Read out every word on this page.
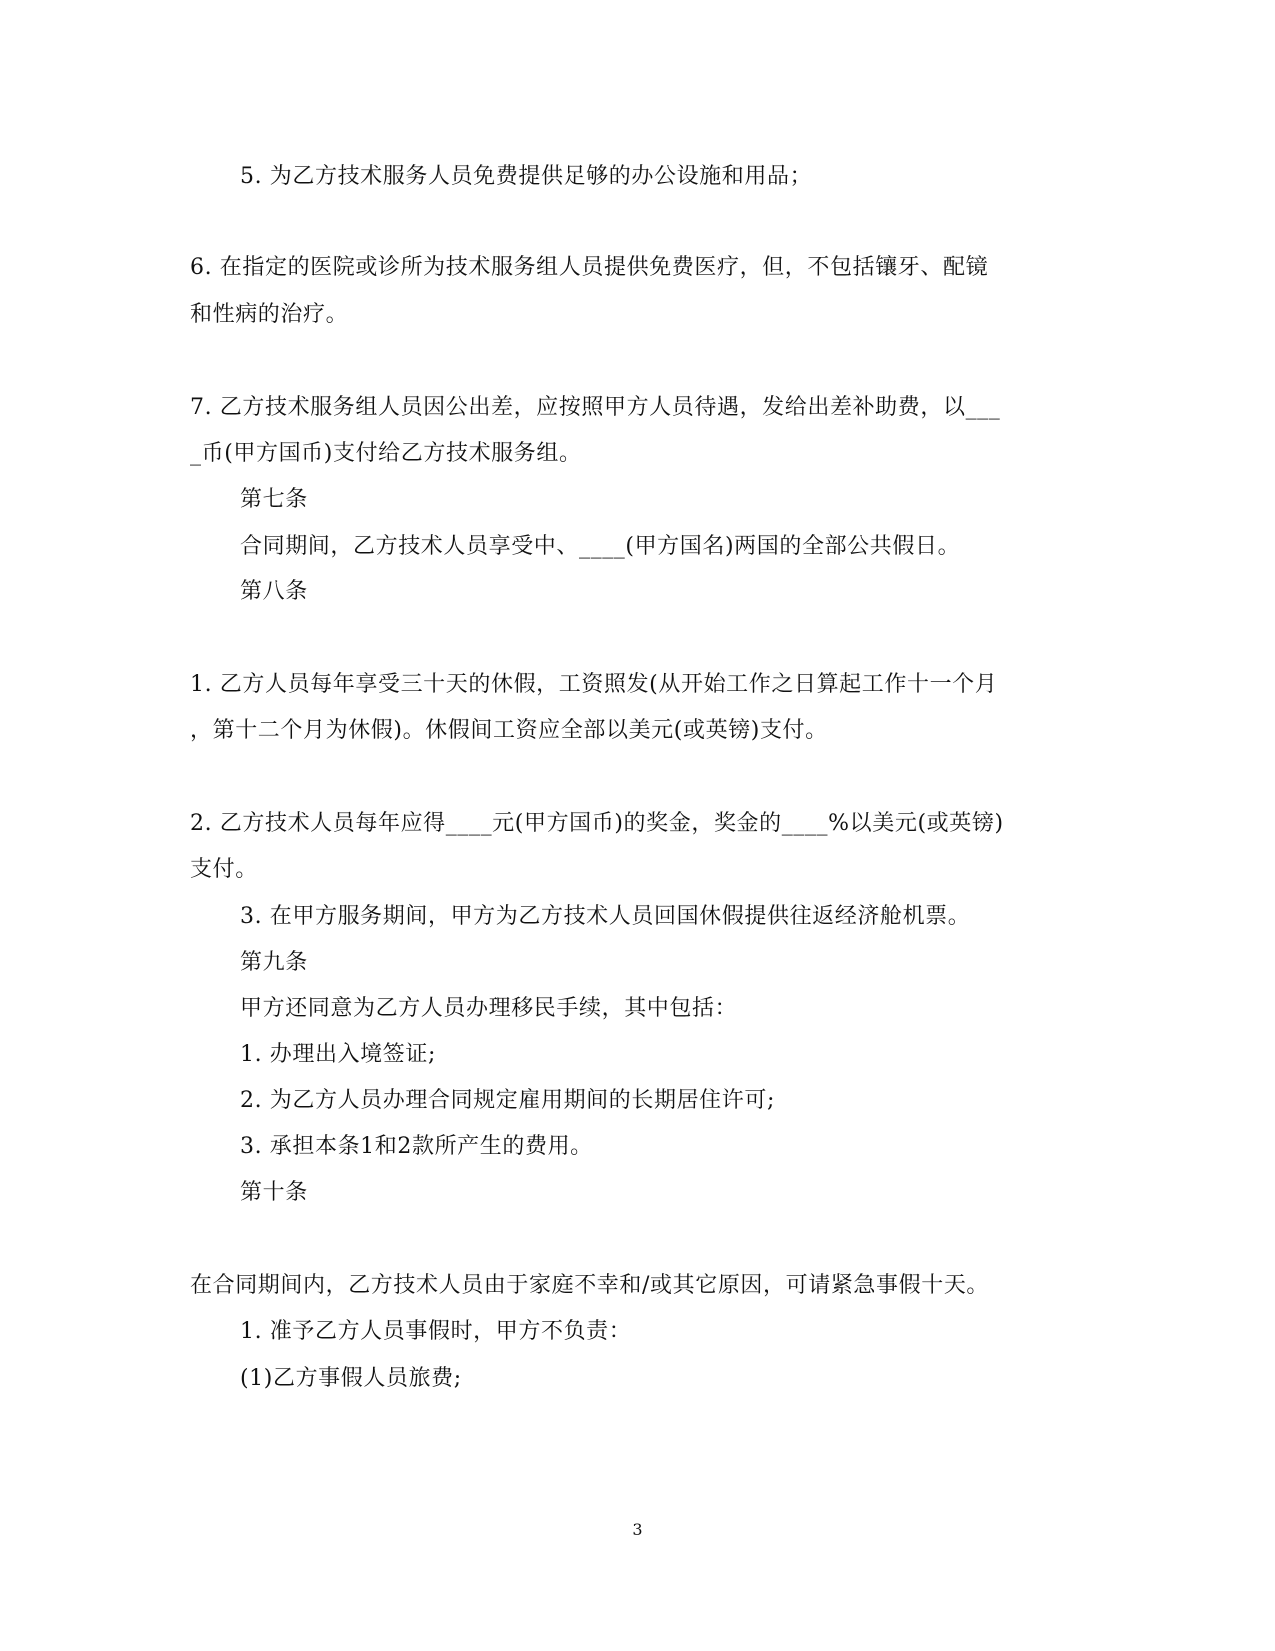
5. 为乙方技术服务人员免费提供足够的办公设施和用品；
6. 在指定的医院或诊所为技术服务组人员提供免费医疗，但，不包括镶牙、配镜
和性病的治疗。
7. 乙方技术服务组人员因公出差，应按照甲方人员待遇，发给出差补助费，以___
_币(甲方国币)支付给乙方技术服务组。
第七条
合同期间，乙方技术人员享受中、____(甲方国名)两国的全部公共假日。
第八条
1. 乙方人员每年享受三十天的休假，工资照发(从开始工作之日算起工作十一个月
，第十二个月为休假)。休假间工资应全部以美元(或英镑)支付。
2. 乙方技术人员每年应得____元(甲方国币)的奖金，奖金的____%以美元(或英镑)
支付。
3. 在甲方服务期间，甲方为乙方技术人员回国休假提供往返经济舱机票。
第九条
甲方还同意为乙方人员办理移民手续，其中包括：
1. 办理出入境签证;
2. 为乙方人员办理合同规定雇用期间的长期居住许可;
3. 承担本条1和2款所产生的费用。
第十条
在合同期间内，乙方技术人员由于家庭不幸和/或其它原因，可请紧急事假十天。
1. 准予乙方人员事假时，甲方不负责：
(1)乙方事假人员旅费;
3
